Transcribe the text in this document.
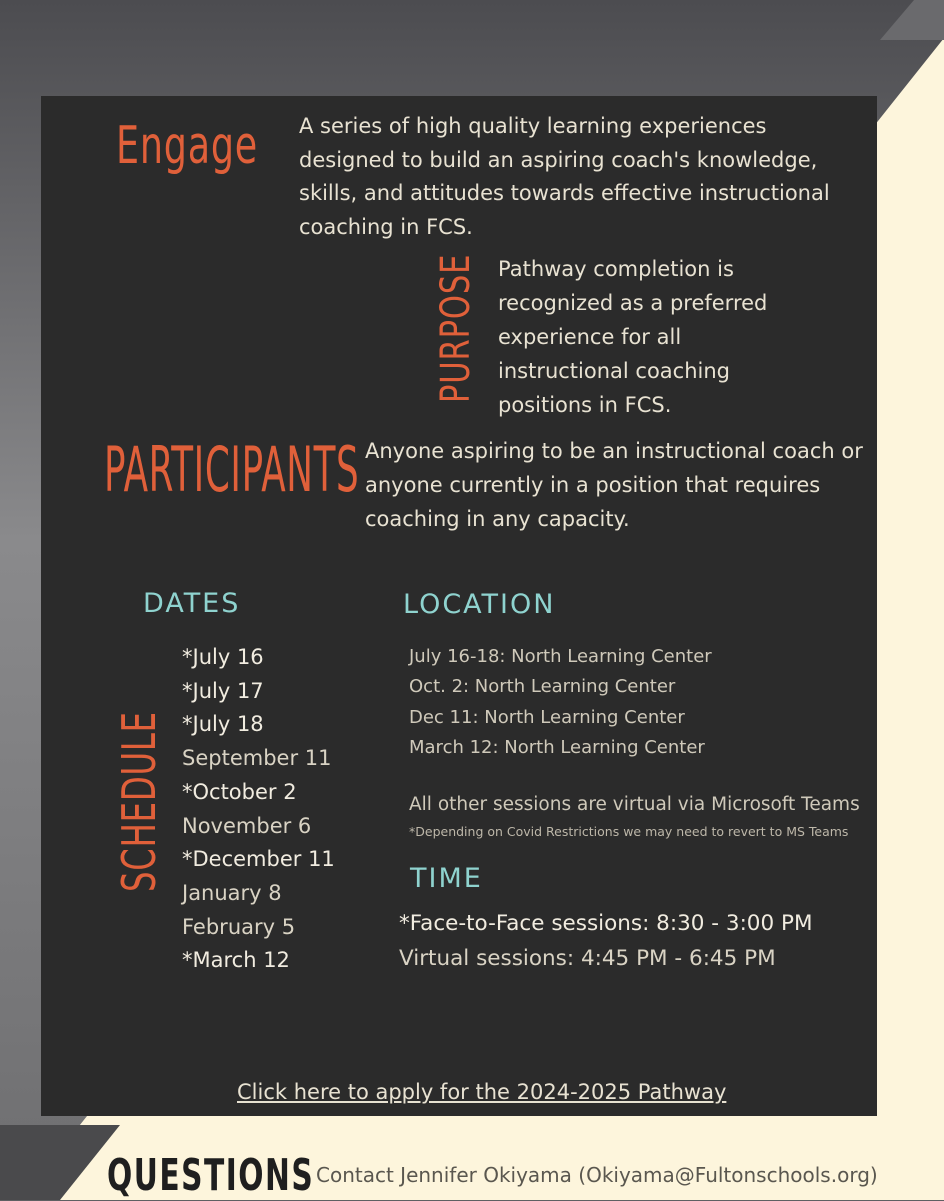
Engage A series of high quality learning experiences designed to build an aspiring coach's knowledge, skills, and attitudes towards effective instructional coaching in FCS.

PURPOSE Pathway completion is recognized as a preferred experience for all instructional coaching positions in FCS.

PARTICIPANTS Anyone aspiring to be an instructional coach or anyone currently in a position that requires coaching in any capacity.

SCHEDULE
DATES
*July 16
*July 17
*July 18
September 11
*October 2
November 6
*December 11
January 8
February 5
*March 12
LOCATION
July 16-18: North Learning Center
Oct. 2: North Learning Center
Dec 11: North Learning Center
March 12: North Learning Center

All other sessions are virtual via Microsoft Teams

*Depending on Covid Restrictions we may need to revert to MS Teams

TIME

*Face-to-Face sessions: 8:30 - 3:00 PM

Virtual sessions: 4:45 PM - 6:45 PM

Click here to apply for the 2024-2025 Pathway
QUESTIONS Contact Jennifer Okiyama (Okiyama@Fultonschools.org)
